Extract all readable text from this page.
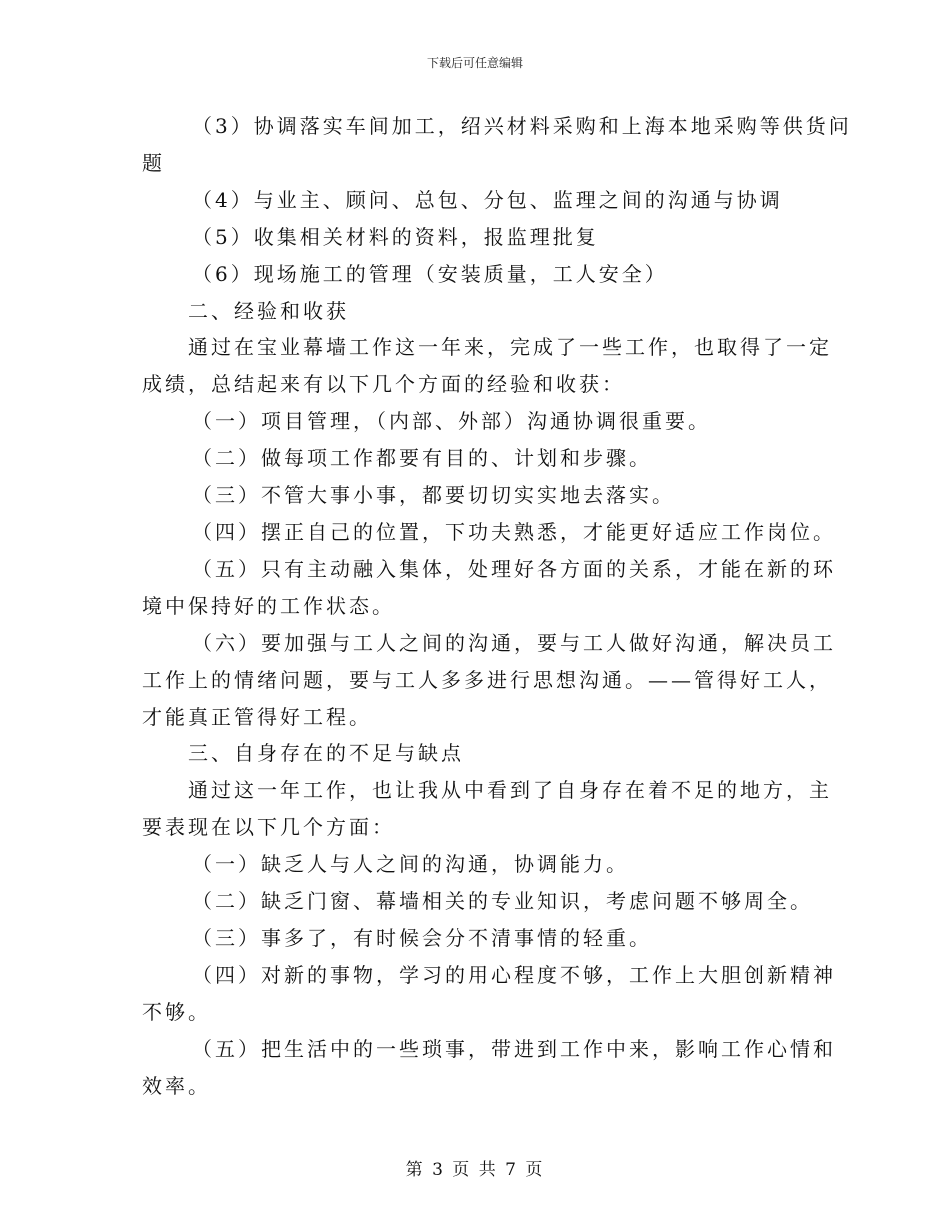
下载后可任意编辑
（3）协调落实车间加工，绍兴材料采购和上海本地采购等供货问
题
（4）与业主、顾问、总包、分包、监理之间的沟通与协调
（5）收集相关材料的资料，报监理批复
（6）现场施工的管理（安装质量，工人安全）
二、经验和收获
通过在宝业幕墙工作这一年来，完成了一些工作，也取得了一定
成绩，总结起来有以下几个方面的经验和收获：
（一）项目管理，（内部、外部）沟通协调很重要。
（二）做每项工作都要有目的、计划和步骤。
（三）不管大事小事，都要切切实实地去落实。
（四）摆正自己的位置，下功夫熟悉，才能更好适应工作岗位。
（五）只有主动融入集体，处理好各方面的关系，才能在新的环
境中保持好的工作状态。
（六）要加强与工人之间的沟通，要与工人做好沟通，解决员工
工作上的情绪问题，要与工人多多进行思想沟通。——管得好工人，
才能真正管得好工程。
三、自身存在的不足与缺点
通过这一年工作，也让我从中看到了自身存在着不足的地方，主
要表现在以下几个方面：
（一）缺乏人与人之间的沟通，协调能力。
（二）缺乏门窗、幕墙相关的专业知识，考虑问题不够周全。
（三）事多了，有时候会分不清事情的轻重。
（四）对新的事物，学习的用心程度不够，工作上大胆创新精神
不够。
（五）把生活中的一些琐事，带进到工作中来，影响工作心情和
效率。
第 3 页 共 7 页
